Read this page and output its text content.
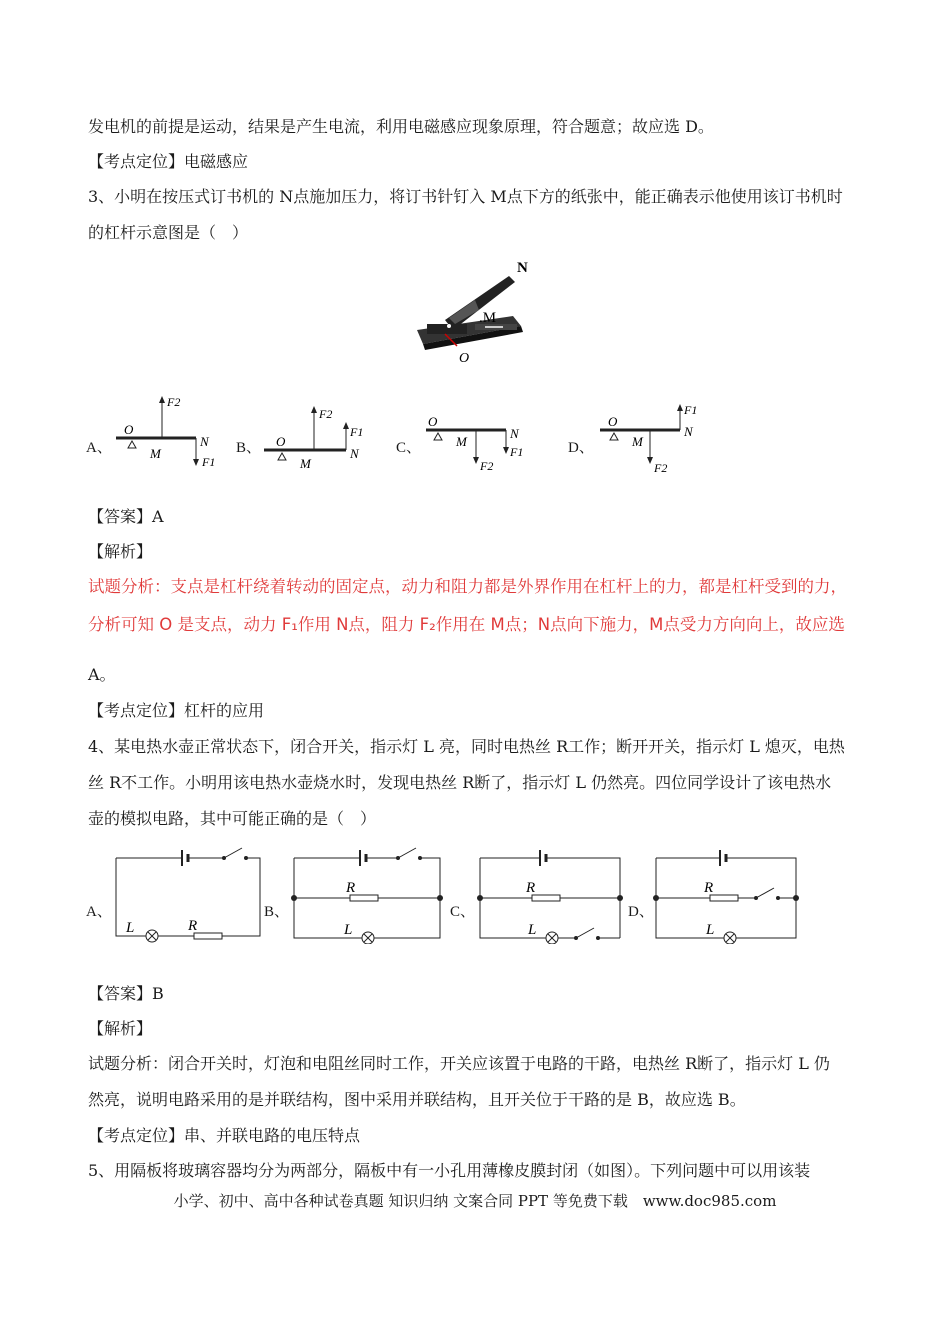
发电机的前提是运动，结果是产生电流，利用电磁感应现象原理，符合题意；故应选 D。
【考点定位】电磁感应
3、小明在按压式订书机的 N点施加压力，将订书针钉入 M点下方的纸张中，能正确表示他使用该订书机时
的杠杆示意图是（　）
N
.M
O
A、	B、	C、	D、
O
M
F2
N
F1
O
M
F2
F1
N
O
M
F2
N
F1
O
M
F2
F1
N
【答案】A
【解析】
试题分析：支点是杠杆绕着转动的固定点，动力和阻力都是外界作用在杠杆上的力，都是杠杆受到的力，
分析可知 O 是支点，动力 F₁作用 N点，阻力 F₂作用在 M点；N点向下施力，M点受力方向向上，故应选
A。
【考点定位】杠杆的应用
4、某电热水壶正常状态下，闭合开关，指示灯 L 亮，同时电热丝 R工作；断开开关，指示灯 L 熄灭，电热
丝 R不工作。小明用该电热水壶烧水时，发现电热丝 R断了，指示灯 L 仍然亮。四位同学设计了该电热水
壶的模拟电路，其中可能正确的是（　）
A、	B、	C、	D、
L	R
R
L
R
L
R
L
【答案】B
【解析】
试题分析：闭合开关时，灯泡和电阻丝同时工作，开关应该置于电路的干路，电热丝 R断了，指示灯 L 仍
然亮，说明电路采用的是并联结构，图中采用并联结构，且开关位于干路的是 B，故应选 B。
【考点定位】串、并联电路的电压特点
5、用隔板将玻璃容器均分为两部分，隔板中有一小孔用薄橡皮膜封闭（如图）。下列问题中可以用该装
小学、初中、高中各种试卷真题 知识归纳 文案合同 PPT 等免费下载　www.doc985.com
